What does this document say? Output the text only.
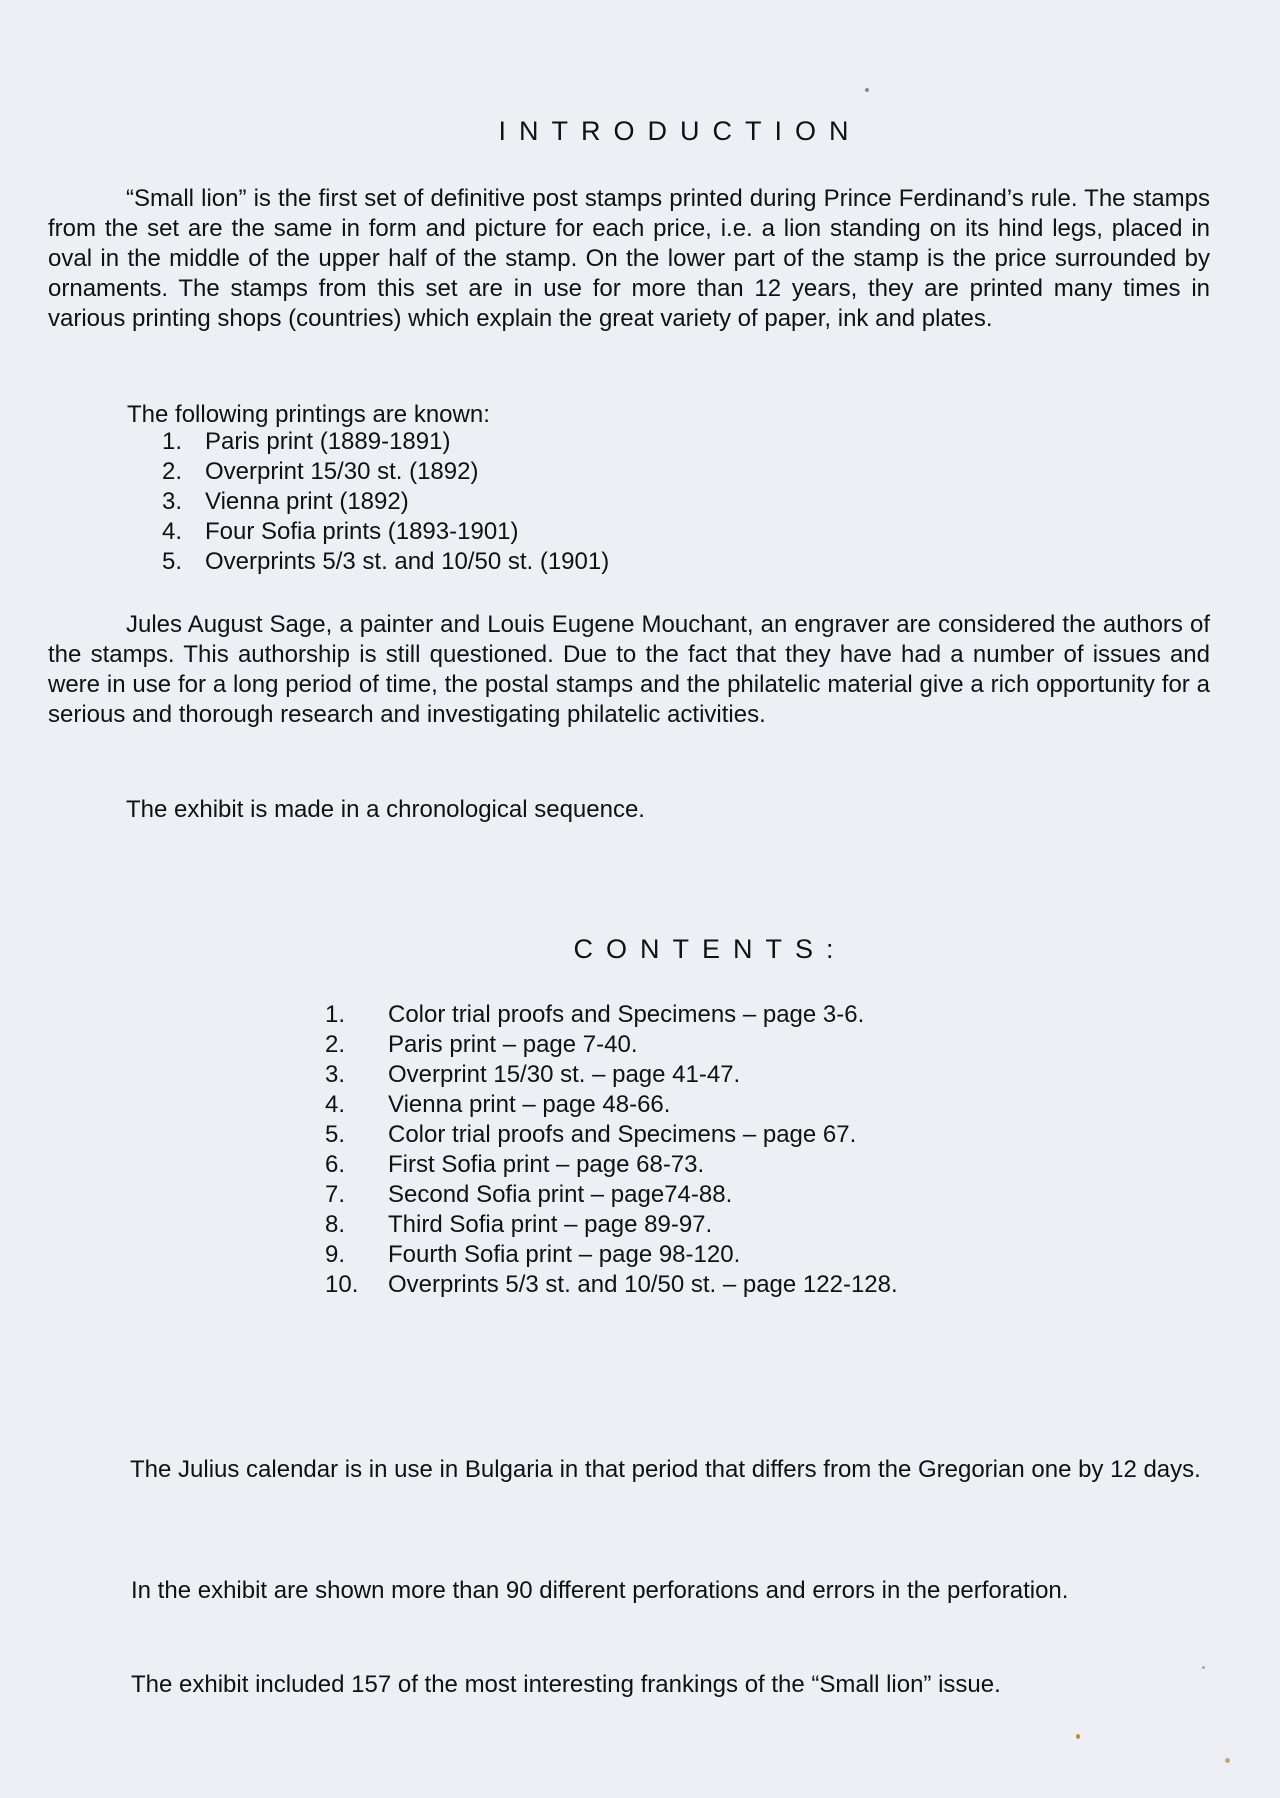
INTRODUCTION

“Small lion” is the first set of definitive post stamps printed during Prince Ferdinand’s rule. The stamps from the set are the same in form and picture for each price, i.e. a lion standing on its hind legs, placed in oval in the middle of the upper half of the stamp. On the lower part of the stamp is the price surrounded by ornaments. The stamps from this set are in use for more than 12 years, they are printed many times in various printing shops (countries) which explain the great variety of paper, ink and plates.

The following printings are known:
1. Paris print (1889-1891)
2. Overprint 15/30 st. (1892)
3. Vienna print (1892)
4. Four Sofia prints (1893-1901)
5. Overprints 5/3 st. and 10/50 st. (1901)

Jules August Sage, a painter and Louis Eugene Mouchant, an engraver are considered the authors of the stamps. This authorship is still questioned. Due to the fact that they have had a number of issues and were in use for a long period of time, the postal stamps and the philatelic material give a rich opportunity for a serious and thorough research and investigating philatelic activities.

The exhibit is made in a chronological sequence.

CONTENTS:
1.	Color trial proofs and Specimens – page 3-6.
2.	Paris print – page 7-40.
3.	Overprint 15/30 st. – page 41-47.
4.	Vienna print – page 48-66.
5.	Color trial proofs and Specimens – page 67.
6.	First Sofia print – page 68-73.
7.	Second Sofia print – page74-88.
8.	Third Sofia print – page 89-97.
9.	Fourth Sofia print – page 98-120.
10.	Overprints 5/3 st. and 10/50 st. – page 122-128.

The Julius calendar is in use in Bulgaria in that period that differs from the Gregorian one by 12 days.

In the exhibit are shown more than 90 different perforations and errors in the perforation.

The exhibit included 157 of the most interesting frankings of the “Small lion” issue.
